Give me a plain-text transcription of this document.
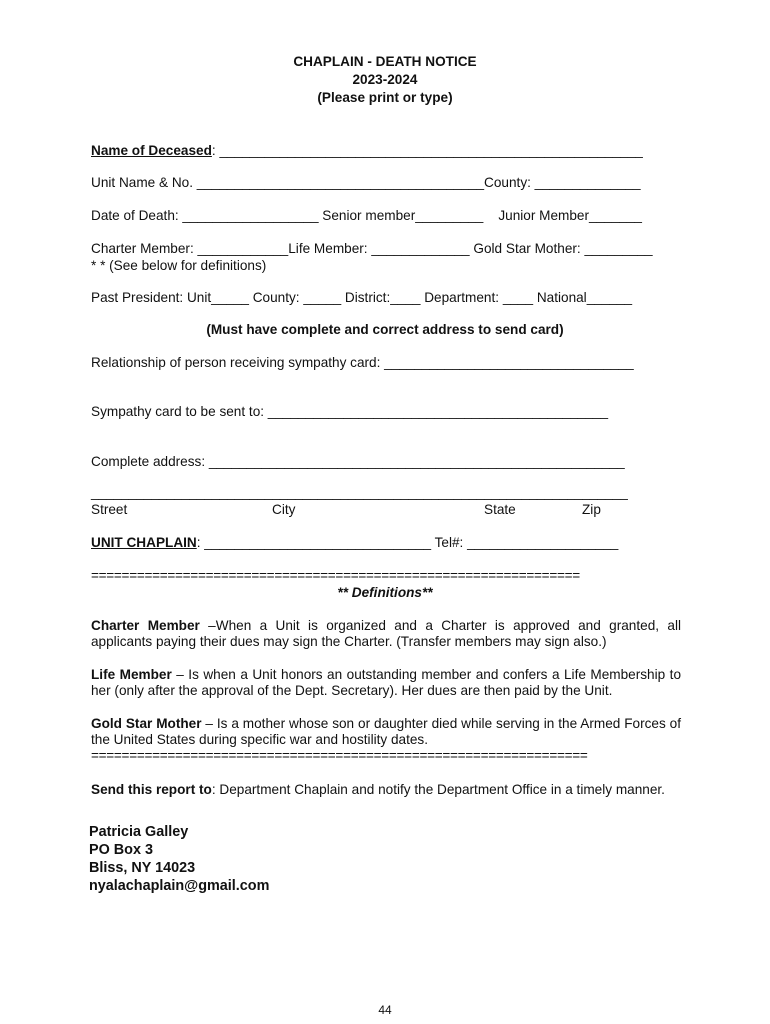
CHAPLAIN - DEATH NOTICE
2023-2024
(Please print or type)
Name of Deceased: ________________________________________________________
Unit Name & No. ______________________________________County: ______________
Date of Death: __________________ Senior member_________    Junior Member_______
Charter Member: ____________Life Member: _____________ Gold Star Mother: _________
* * (See below for definitions)
Past President: Unit_____ County: _____ District:____ Department: ____ National______
(Must have complete and correct address to send card)
Relationship of person receiving sympathy card: _________________________________
Sympathy card to be sent to: _____________________________________________
Complete address: _______________________________________________________
_______________________________________________________________________
Street	City	State	Zip
UNIT CHAPLAIN: ______________________________ Tel#: ____________________
================================================================
** Definitions**
Charter Member –When a Unit is organized and a Charter is approved and granted, all applicants paying their dues may sign the Charter. (Transfer members may sign also.)
Life Member – Is when a Unit honors an outstanding member and confers a Life Membership to her (only after the approval of the Dept. Secretary). Her dues are then paid by the Unit.
Gold Star Mother – Is a mother whose son or daughter died while serving in the Armed Forces of the United States during specific war and hostility dates.
=================================================================
Send this report to: Department Chaplain and notify the Department Office in a timely manner.
Patricia Galley
PO Box 3
Bliss, NY 14023
nyalachaplain@gmail.com
44
